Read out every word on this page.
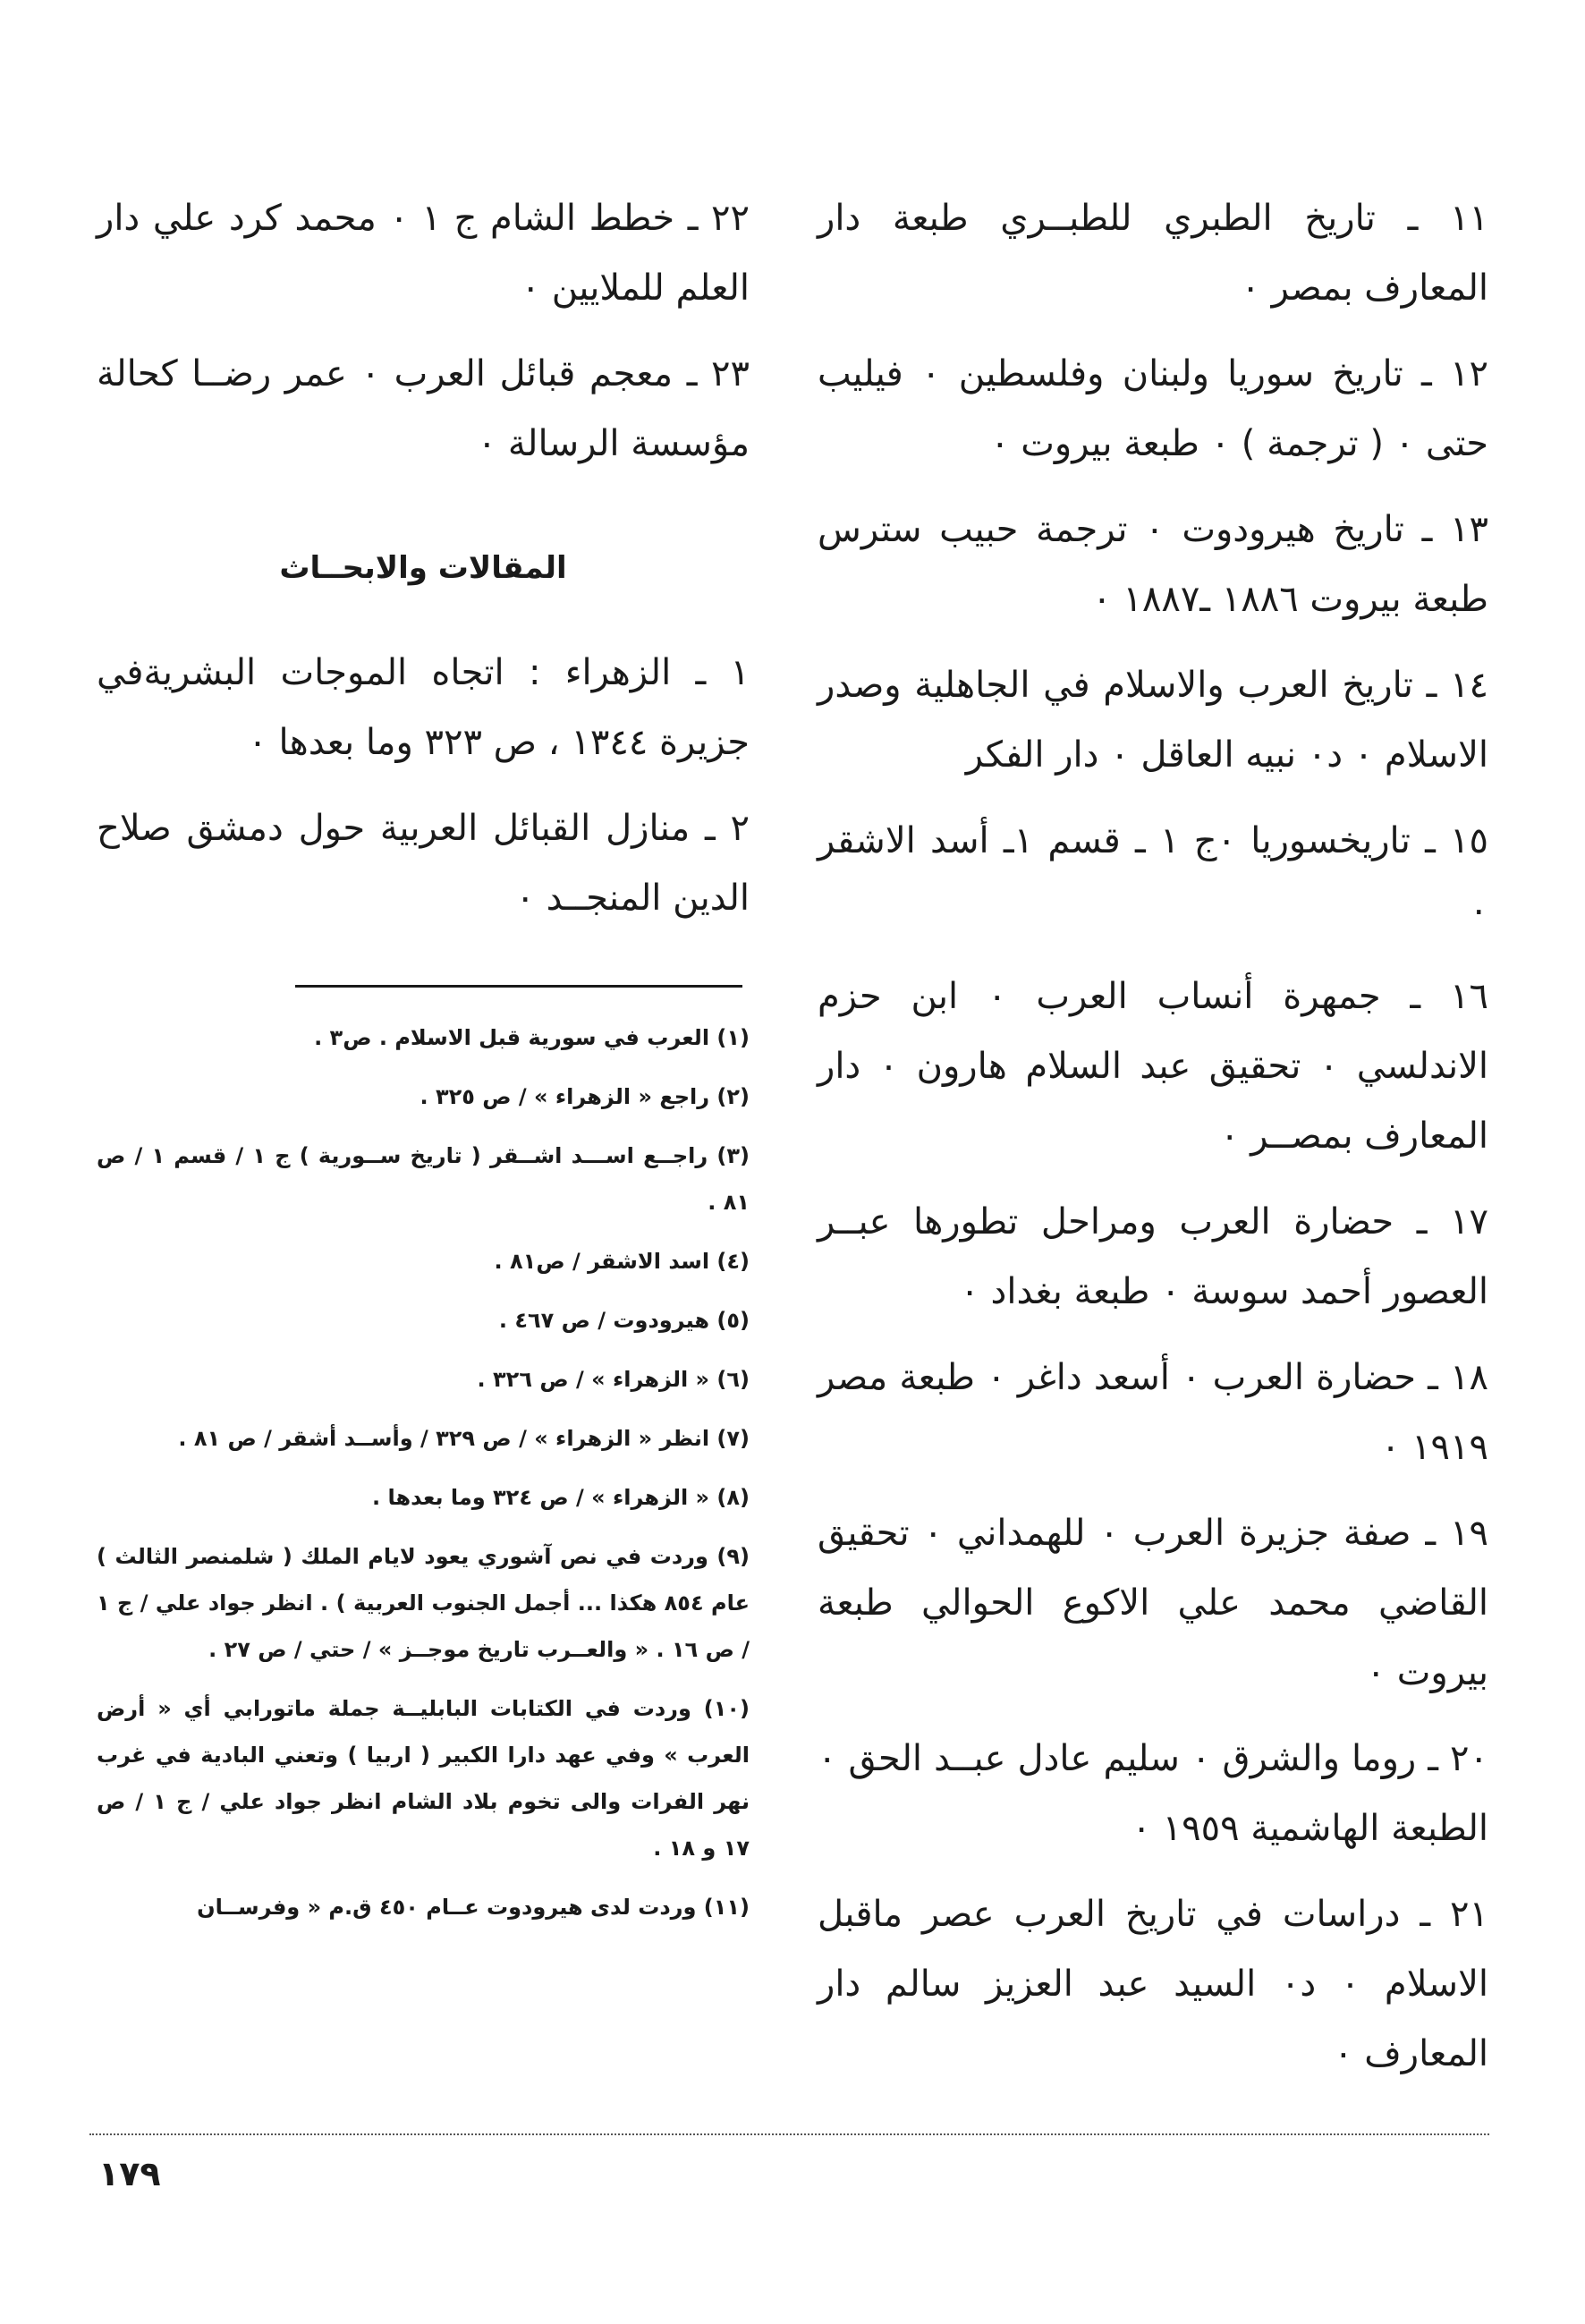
١١ ـ تاريخ الطبري للطبــري طبعة دار المعارف بمصر ٠

١٢ ـ تاريخ سوريا ولبنان وفلسطين ٠ فيليب حتى ٠ ( ترجمة ) ٠ طبعة بيروت ٠

١٣ ـ تاريخ هيرودوت ٠ ترجمة حبيب سترس طبعة بيروت ١٨٨٦ ـ١٨٨٧ ٠

١٤ ـ تاريخ العرب والاسلام في الجاهلية وصدر الاسلام ٠ د٠ نبيه العاقل ٠ دار الفكر

١٥ ـ تاريخسوريا ٠ج ١ ـ قسم ١ـ أسد الاشقر ٠

١٦ ـ جمهرة أنساب العرب ٠ ابن حزم الاندلسي ٠ تحقيق عبد السلام هارون ٠ دار المعارف بمصــر ٠

١٧ ـ حضارة العرب ومراحل تطورها عبــر العصور أحمد سوسة ٠ طبعة بغداد ٠

١٨ ـ حضارة العرب ٠ أسعد داغر ٠ طبعة مصر ١٩١٩ ٠

١٩ ـ صفة جزيرة العرب ٠ للهمداني ٠ تحقيق القاضي محمد علي الاكوع الحوالي طبعة بيروت ٠

٢٠ ـ روما والشرق ٠ سليم عادل عبــد الحق ٠ الطبعة الهاشمية ١٩٥٩ ٠

٢١ ـ دراسات في تاريخ العرب عصر ماقبل الاسلام ٠ د٠ السيد عبد العزيز سالم دار المعارف ٠

٢٢ ـ خطط الشام ج ١ ٠ محمد كرد علي دار العلم للملايين ٠

٢٣ ـ معجم قبائل العرب ٠ عمر رضــا كحالة مؤسسة الرسالة ٠

المقالات والابحــاث

١ ـ الزهراء : اتجاه الموجات البشريةفي جزيرة ١٣٤٤ ، ص ٣٢٣ وما بعدها ٠

٢ ـ منازل القبائل العربية حول دمشق صلاح الدين المنجــد ٠

(١) العرب في سورية قبل الاسلام . ص٣ .

(٢) راجع « الزهراء » / ص ٣٢٥ .

(٣) راجــع اســـد اشــقر ( تاريخ ســورية ) ج ١ / قسم ١ / ص ٨١ .

(٤) اسد الاشقر / ص٨١ .

(٥) هيرودوت / ص ٤٦٧ .

(٦) « الزهراء » / ص ٣٢٦ .

(٧) انظر « الزهراء » / ص ٣٢٩ / وأســد أشقر / ص ٨١ .

(٨) « الزهراء » / ص ٣٢٤ وما بعدها .

(٩) وردت في نص آشوري يعود لايام الملك ( شلمنصر الثالث ) عام ٨٥٤ هكذا ... أجمل الجنوب العربية ) . انظر جواد علي / ج ١ / ص ١٦ . « والعــرب تاريخ موجــز » / حتي / ص ٢٧ .

(١٠) وردت في الكتابات البابليــة جملة ماتورابي أي « أرض العرب » وفي عهد دارا الكبير ( اربيا ) وتعني البادية في غرب نهر الفرات والى تخوم بلاد الشام انظر جواد علي / ج ١ / ص ١٧ و ١٨ .

(١١) وردت لدى هيرودوت عــام ٤٥٠ ق.م « وفرســان

١٧٩
